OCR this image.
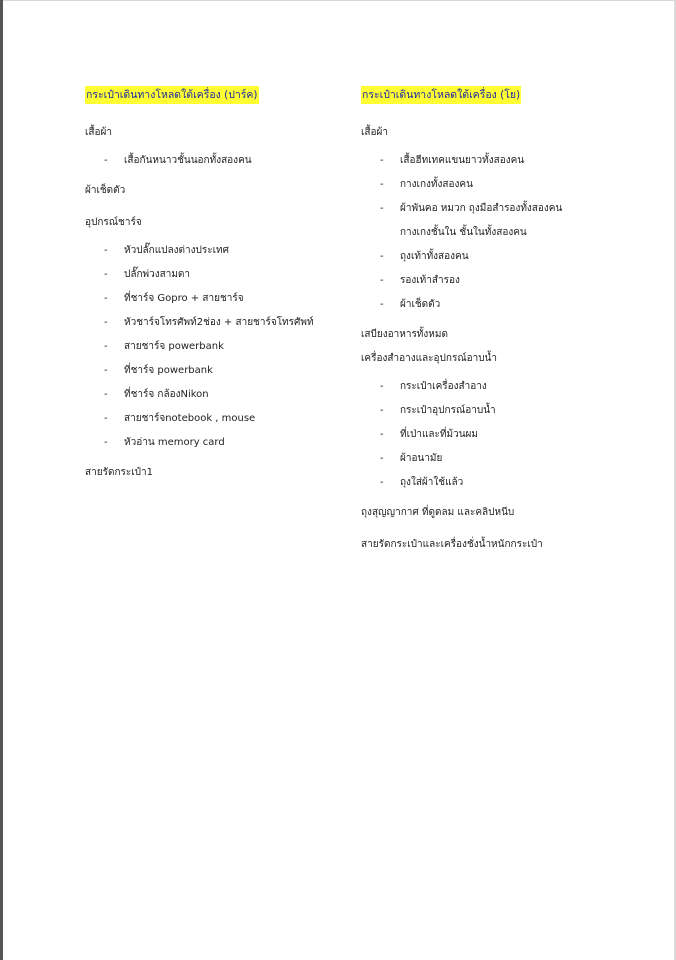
กระเป๋าเดินทางโหลดใต้เครื่อง (ปาร์ค)

เสื้อผ้า

- เสื้อกันหนาวชั้นนอกทั้งสองคน

ผ้าเช็ดตัว

อุปกรณ์ชาร์จ

- หัวปลั๊กแปลงต่างประเทศ
- ปลั๊กพ่วงสามตา
- ที่ชาร์จ Gopro + สายชาร์จ
- หัวชาร์จโทรศัพท์2ช่อง + สายชาร์จโทรศัพท์
- สายชาร์จ powerbank
- ที่ชาร์จ powerbank
- ที่ชาร์จ กล้องNikon
- สายชาร์จnotebook , mouse
- หัวอ่าน memory card

สายรัดกระเป๋า1

กระเป๋าเดินทางโหลดใต้เครื่อง (โย)

เสื้อผ้า

- เสื้อฮีทเทคแขนยาวทั้งสองคน
- กางเกงทั้งสองคน
- ผ้าพันคอ หมวก ถุงมือสำรองทั้งสองคน
กางเกงชั้นใน ชั้นในทั้งสองคน
- ถุงเท้าทั้งสองคน
- รองเท้าสำรอง
- ผ้าเช็ดตัว

เสบียงอาหารทั้งหมด

เครื่องสำอางและอุปกรณ์อาบน้ำ

- กระเป๋าเครื่องสำอาง
- กระเป๋าอุปกรณ์อาบน้ำ
- ที่เป่าและที่ม้วนผม
- ผ้าอนามัย
- ถุงใส่ผ้าใช้แล้ว

ถุงสุญญากาศ ที่ดูดลม และคลิปหนีบ

สายรัดกระเป๋าและเครื่องชั่งน้ำหนักกระเป๋า
